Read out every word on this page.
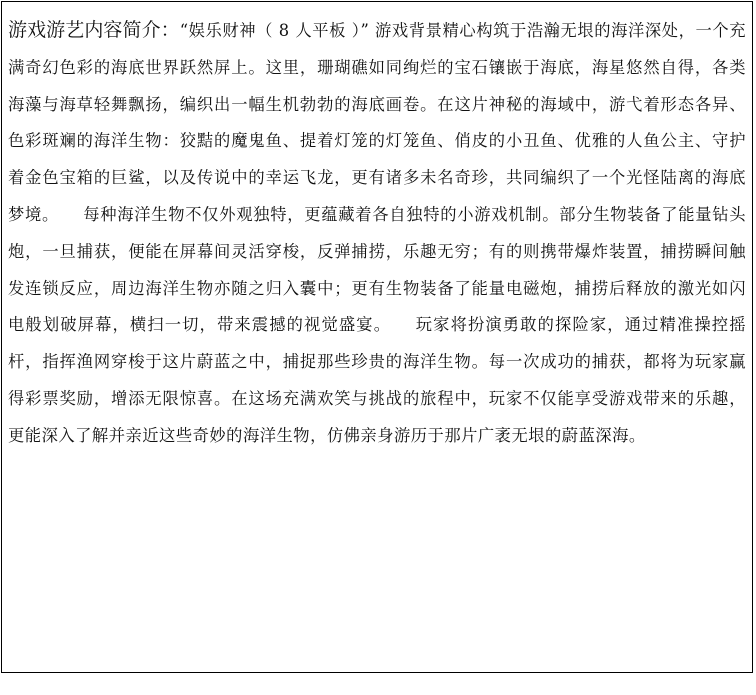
游戏游艺内容简介：“娱乐财神（ 8 人平板 ）” 游戏背景精心构筑于浩瀚无垠的海洋深处，一个充满奇幻色彩的海底世界跃然屏上。这里，珊瑚礁如同绚烂的宝石镶嵌于海底，海星悠然自得，各类海藻与海草轻舞飘扬，编织出一幅生机勃勃的海底画卷。在这片神秘的海域中，游弋着形态各异、色彩斑斓的海洋生物：狡黠的魔鬼鱼、提着灯笼的灯笼鱼、俏皮的小丑鱼、优雅的人鱼公主、守护着金色宝箱的巨鲨，以及传说中的幸运飞龙，更有诸多未名奇珍，共同编织了一个光怪陆离的海底梦境。 每种海洋生物不仅外观独特，更蕴藏着各自独特的小游戏机制。部分生物装备了能量钻头炮，一旦捕获，便能在屏幕间灵活穿梭，反弹捕捞，乐趣无穷；有的则携带爆炸装置，捕捞瞬间触发连锁反应，周边海洋生物亦随之归入囊中；更有生物装备了能量电磁炮，捕捞后释放的激光如闪电般划破屏幕，横扫一切，带来震撼的视觉盛宴。 玩家将扮演勇敢的探险家，通过精准操控摇杆，指挥渔网穿梭于这片蔚蓝之中，捕捉那些珍贵的海洋生物。每一次成功的捕获，都将为玩家赢得彩票奖励，增添无限惊喜。在这场充满欢笑与挑战的旅程中，玩家不仅能享受游戏带来的乐趣，更能深入了解并亲近这些奇妙的海洋生物，仿佛亲身游历于那片广袤无垠的蔚蓝深海。
